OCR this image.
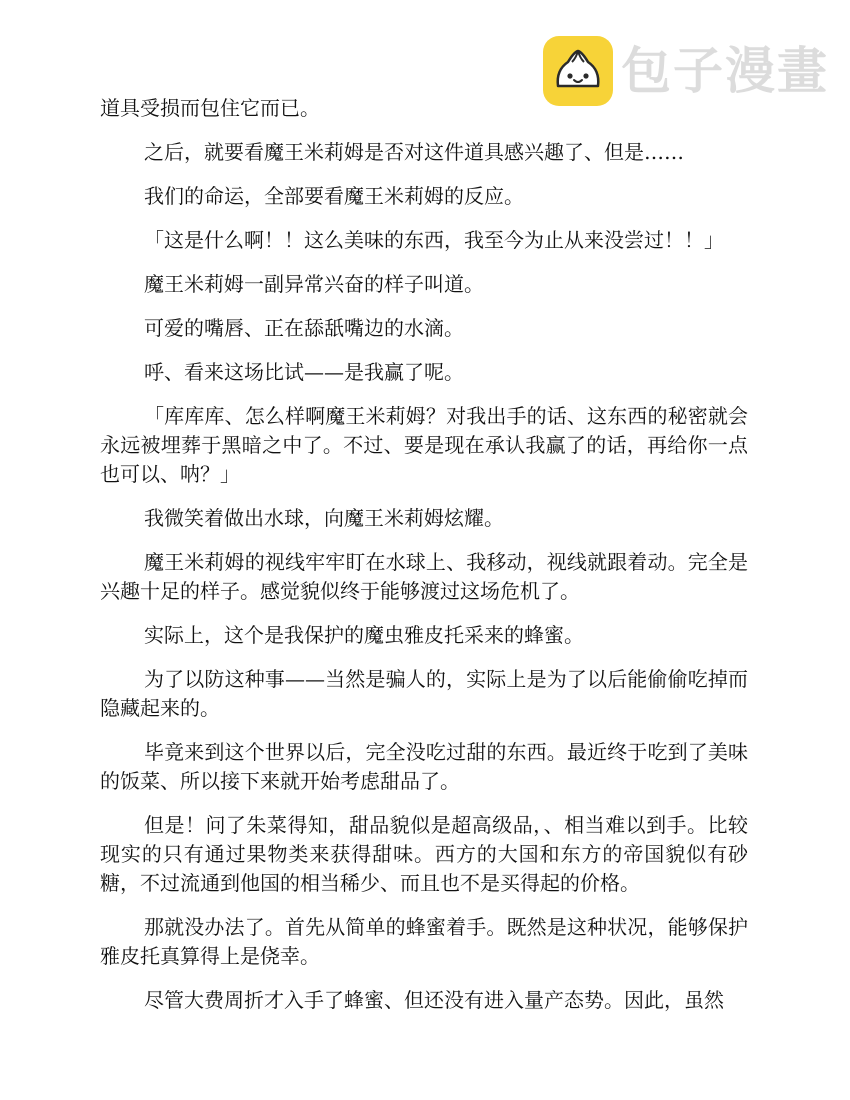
包子漫畫

道具受损而包住它而已。

之后，就要看魔王米莉姆是否对这件道具感兴趣了、但是……

我们的命运，全部要看魔王米莉姆的反应。

「这是什么啊！！这么美味的东西，我至今为止从来没尝过！！」

魔王米莉姆一副异常兴奋的样子叫道。

可爱的嘴唇、正在舔舐嘴边的水滴。

呼、看来这场比试——是我赢了呢。

「库库库、怎么样啊魔王米莉姆？对我出手的话、这东西的秘密就会永远被埋葬于黑暗之中了。不过、要是现在承认我赢了的话，再给你一点也可以、呐？」

我微笑着做出水球，向魔王米莉姆炫耀。

魔王米莉姆的视线牢牢盯在水球上、我移动，视线就跟着动。完全是兴趣十足的样子。感觉貌似终于能够渡过这场危机了。

实际上，这个是我保护的魔虫雅皮托采来的蜂蜜。

为了以防这种事——当然是骗人的，实际上是为了以后能偷偷吃掉而隐藏起来的。

毕竟来到这个世界以后，完全没吃过甜的东西。最近终于吃到了美味的饭菜、所以接下来就开始考虑甜品了。

但是！问了朱菜得知，甜品貌似是超高级品，、相当难以到手。比较现实的只有通过果物类来获得甜味。西方的大国和东方的帝国貌似有砂糖，不过流通到他国的相当稀少、而且也不是买得起的价格。

那就没办法了。首先从简单的蜂蜜着手。既然是这种状况，能够保护雅皮托真算得上是侥幸。

尽管大费周折才入手了蜂蜜、但还没有进入量产态势。因此，虽然
